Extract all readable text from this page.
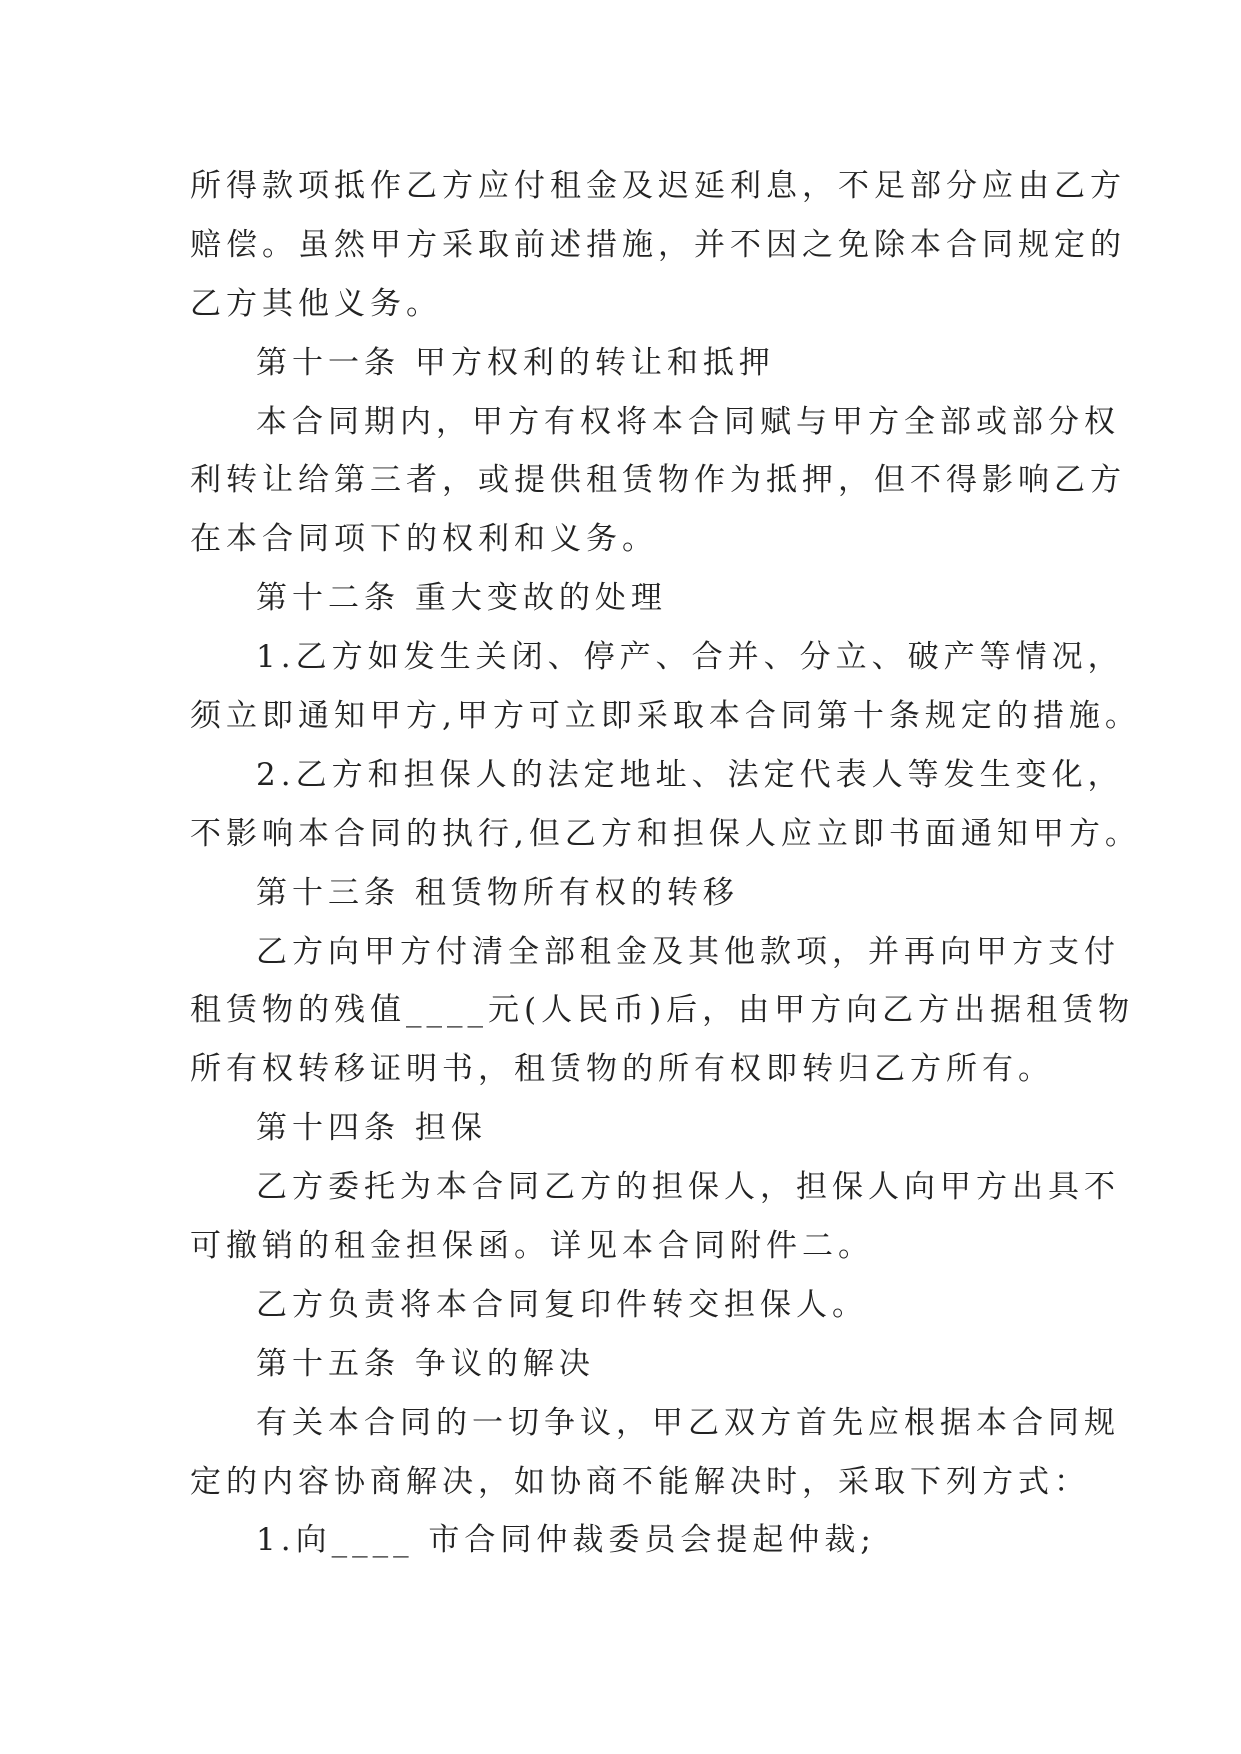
所得款项抵作乙方应付租金及迟延利息，不足部分应由乙方
赔偿。虽然甲方采取前述措施，并不因之免除本合同规定的
乙方其他义务。
第十一条 甲方权利的转让和抵押
本合同期内，甲方有权将本合同赋与甲方全部或部分权
利转让给第三者，或提供租赁物作为抵押，但不得影响乙方
在本合同项下的权利和义务。
第十二条 重大变故的处理
1.乙方如发生关闭、停产、合并、分立、破产等情况，
须立即通知甲方,甲方可立即采取本合同第十条规定的措施。
2.乙方和担保人的法定地址、法定代表人等发生变化，
不影响本合同的执行,但乙方和担保人应立即书面通知甲方。
第十三条 租赁物所有权的转移
乙方向甲方付清全部租金及其他款项，并再向甲方支付
租赁物的残值____元(人民币)后，由甲方向乙方出据租赁物
所有权转移证明书，租赁物的所有权即转归乙方所有。
第十四条 担保
乙方委托为本合同乙方的担保人，担保人向甲方出具不
可撤销的租金担保函。详见本合同附件二。
乙方负责将本合同复印件转交担保人。
第十五条 争议的解决
有关本合同的一切争议，甲乙双方首先应根据本合同规
定的内容协商解决，如协商不能解决时，采取下列方式：
1.向____ 市合同仲裁委员会提起仲裁;
